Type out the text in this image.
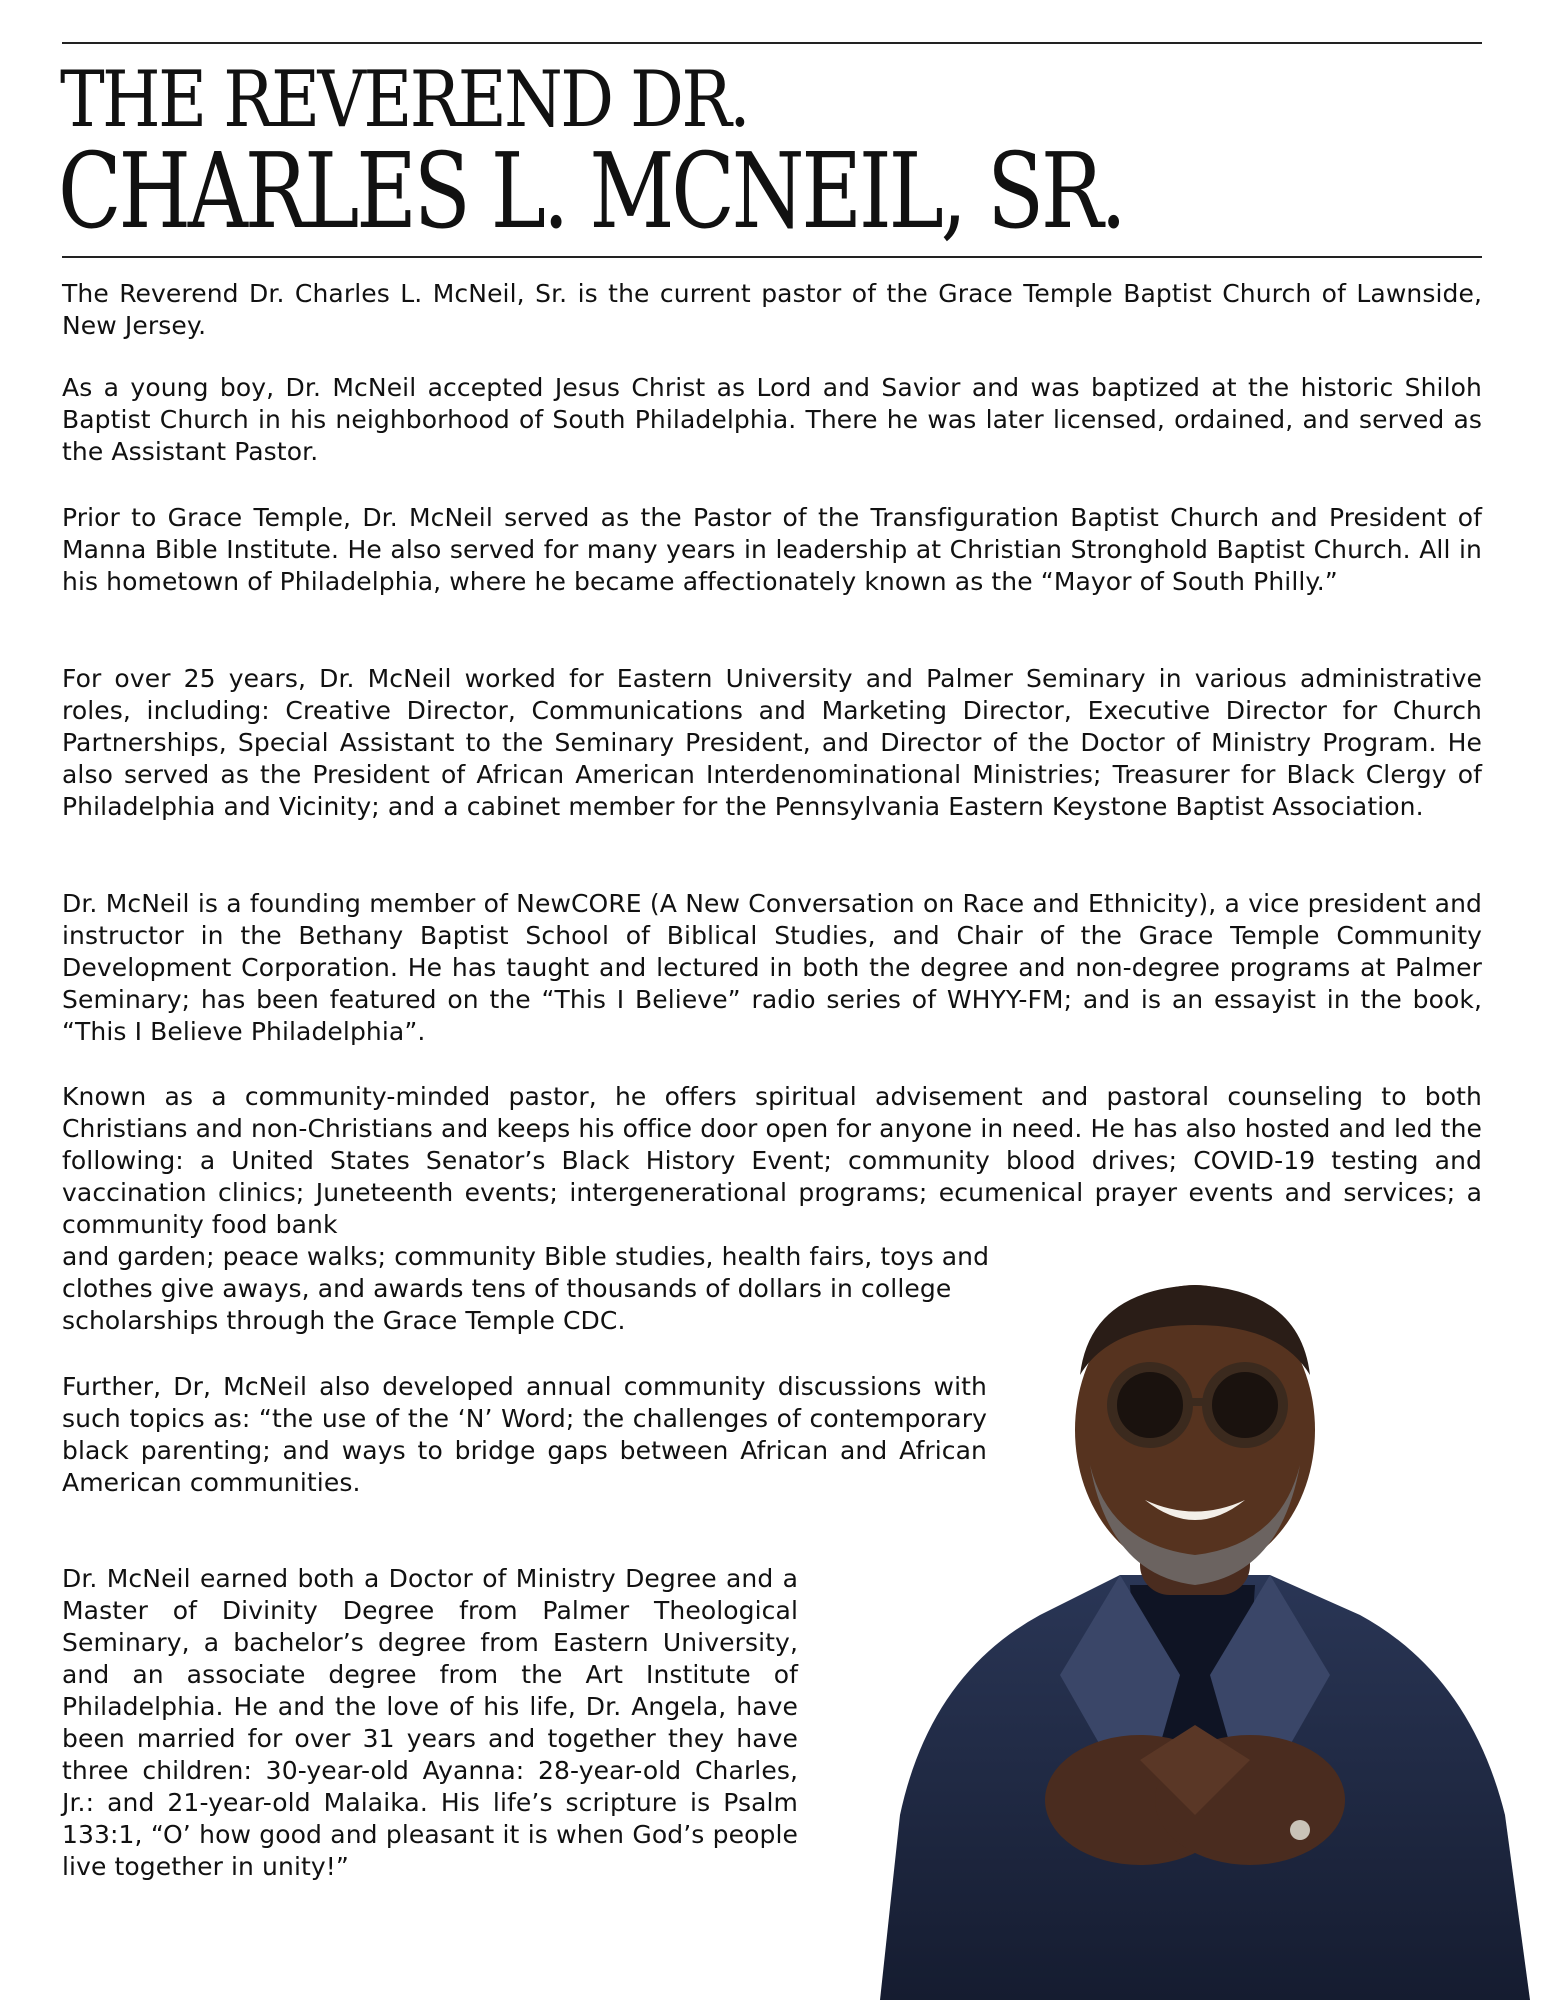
THE REVEREND DR.
CHARLES L. MCNEIL, SR.

The Reverend Dr. Charles L. McNeil, Sr. is the current pastor of the Grace Temple Baptist Church of Lawnside, New Jersey.

As a young boy, Dr. McNeil accepted Jesus Christ as Lord and Savior and was baptized at the historic Shiloh Baptist Church in his neighborhood of South Philadelphia. There he was later licensed, ordained, and served as the Assistant Pastor.

Prior to Grace Temple, Dr. McNeil served as the Pastor of the Transfiguration Baptist Church and President of Manna Bible Institute. He also served for many years in leadership at Christian Stronghold Baptist Church. All in his hometown of Philadelphia, where he became affectionately known as the “Mayor of South Philly.”

For over 25 years, Dr. McNeil worked for Eastern University and Palmer Seminary in various administrative roles, including: Creative Director, Communications and Marketing Director, Executive Director for Church Partnerships, Special Assistant to the Seminary President, and Director of the Doctor of Ministry Program. He also served as the President of African American Interdenominational Ministries; Treasurer for Black Clergy of Philadelphia and Vicinity; and a cabinet member for the Pennsylvania Eastern Keystone Baptist Association.

Dr. McNeil is a founding member of NewCORE (A New Conversation on Race and Ethnicity), a vice president and instructor in the Bethany Baptist School of Biblical Studies, and Chair of the Grace Temple Community Development Corporation. He has taught and lectured in both the degree and non-degree programs at Palmer Seminary; has been featured on the “This I Believe” radio series of WHYY-FM; and is an essayist in the book, “This I Believe Philadelphia”.

Known as a community-minded pastor, he offers spiritual advisement and pastoral counseling to both Christians and non-Christians and keeps his office door open for anyone in need. He has also hosted and led the following: a United States Senator’s Black History Event; community blood drives; COVID-19 testing and vaccination clinics; Juneteenth events; intergenerational programs; ecumenical prayer events and services; a community food bank
and garden; peace walks; community Bible studies, health fairs, toys and clothes give aways, and awards tens of thousands of dollars in college scholarships through the Grace Temple CDC.

Further, Dr, McNeil also developed annual community discussions with such topics as: “the use of the ‘N’ Word; the challenges of contemporary black parenting; and ways to bridge gaps between African and African American communities.

Dr. McNeil earned both a Doctor of Ministry Degree and a Master of Divinity Degree from Palmer Theological Seminary, a bachelor’s degree from Eastern University, and an associate degree from the Art Institute of Philadelphia. He and the love of his life, Dr. Angela, have been married for over 31 years and together they have three children: 30-year-old Ayanna: 28-year-old Charles, Jr.: and 21-year-old Malaika. His life’s scripture is Psalm 133:1, “O’ how good and pleasant it is when God’s people live together in unity!”
